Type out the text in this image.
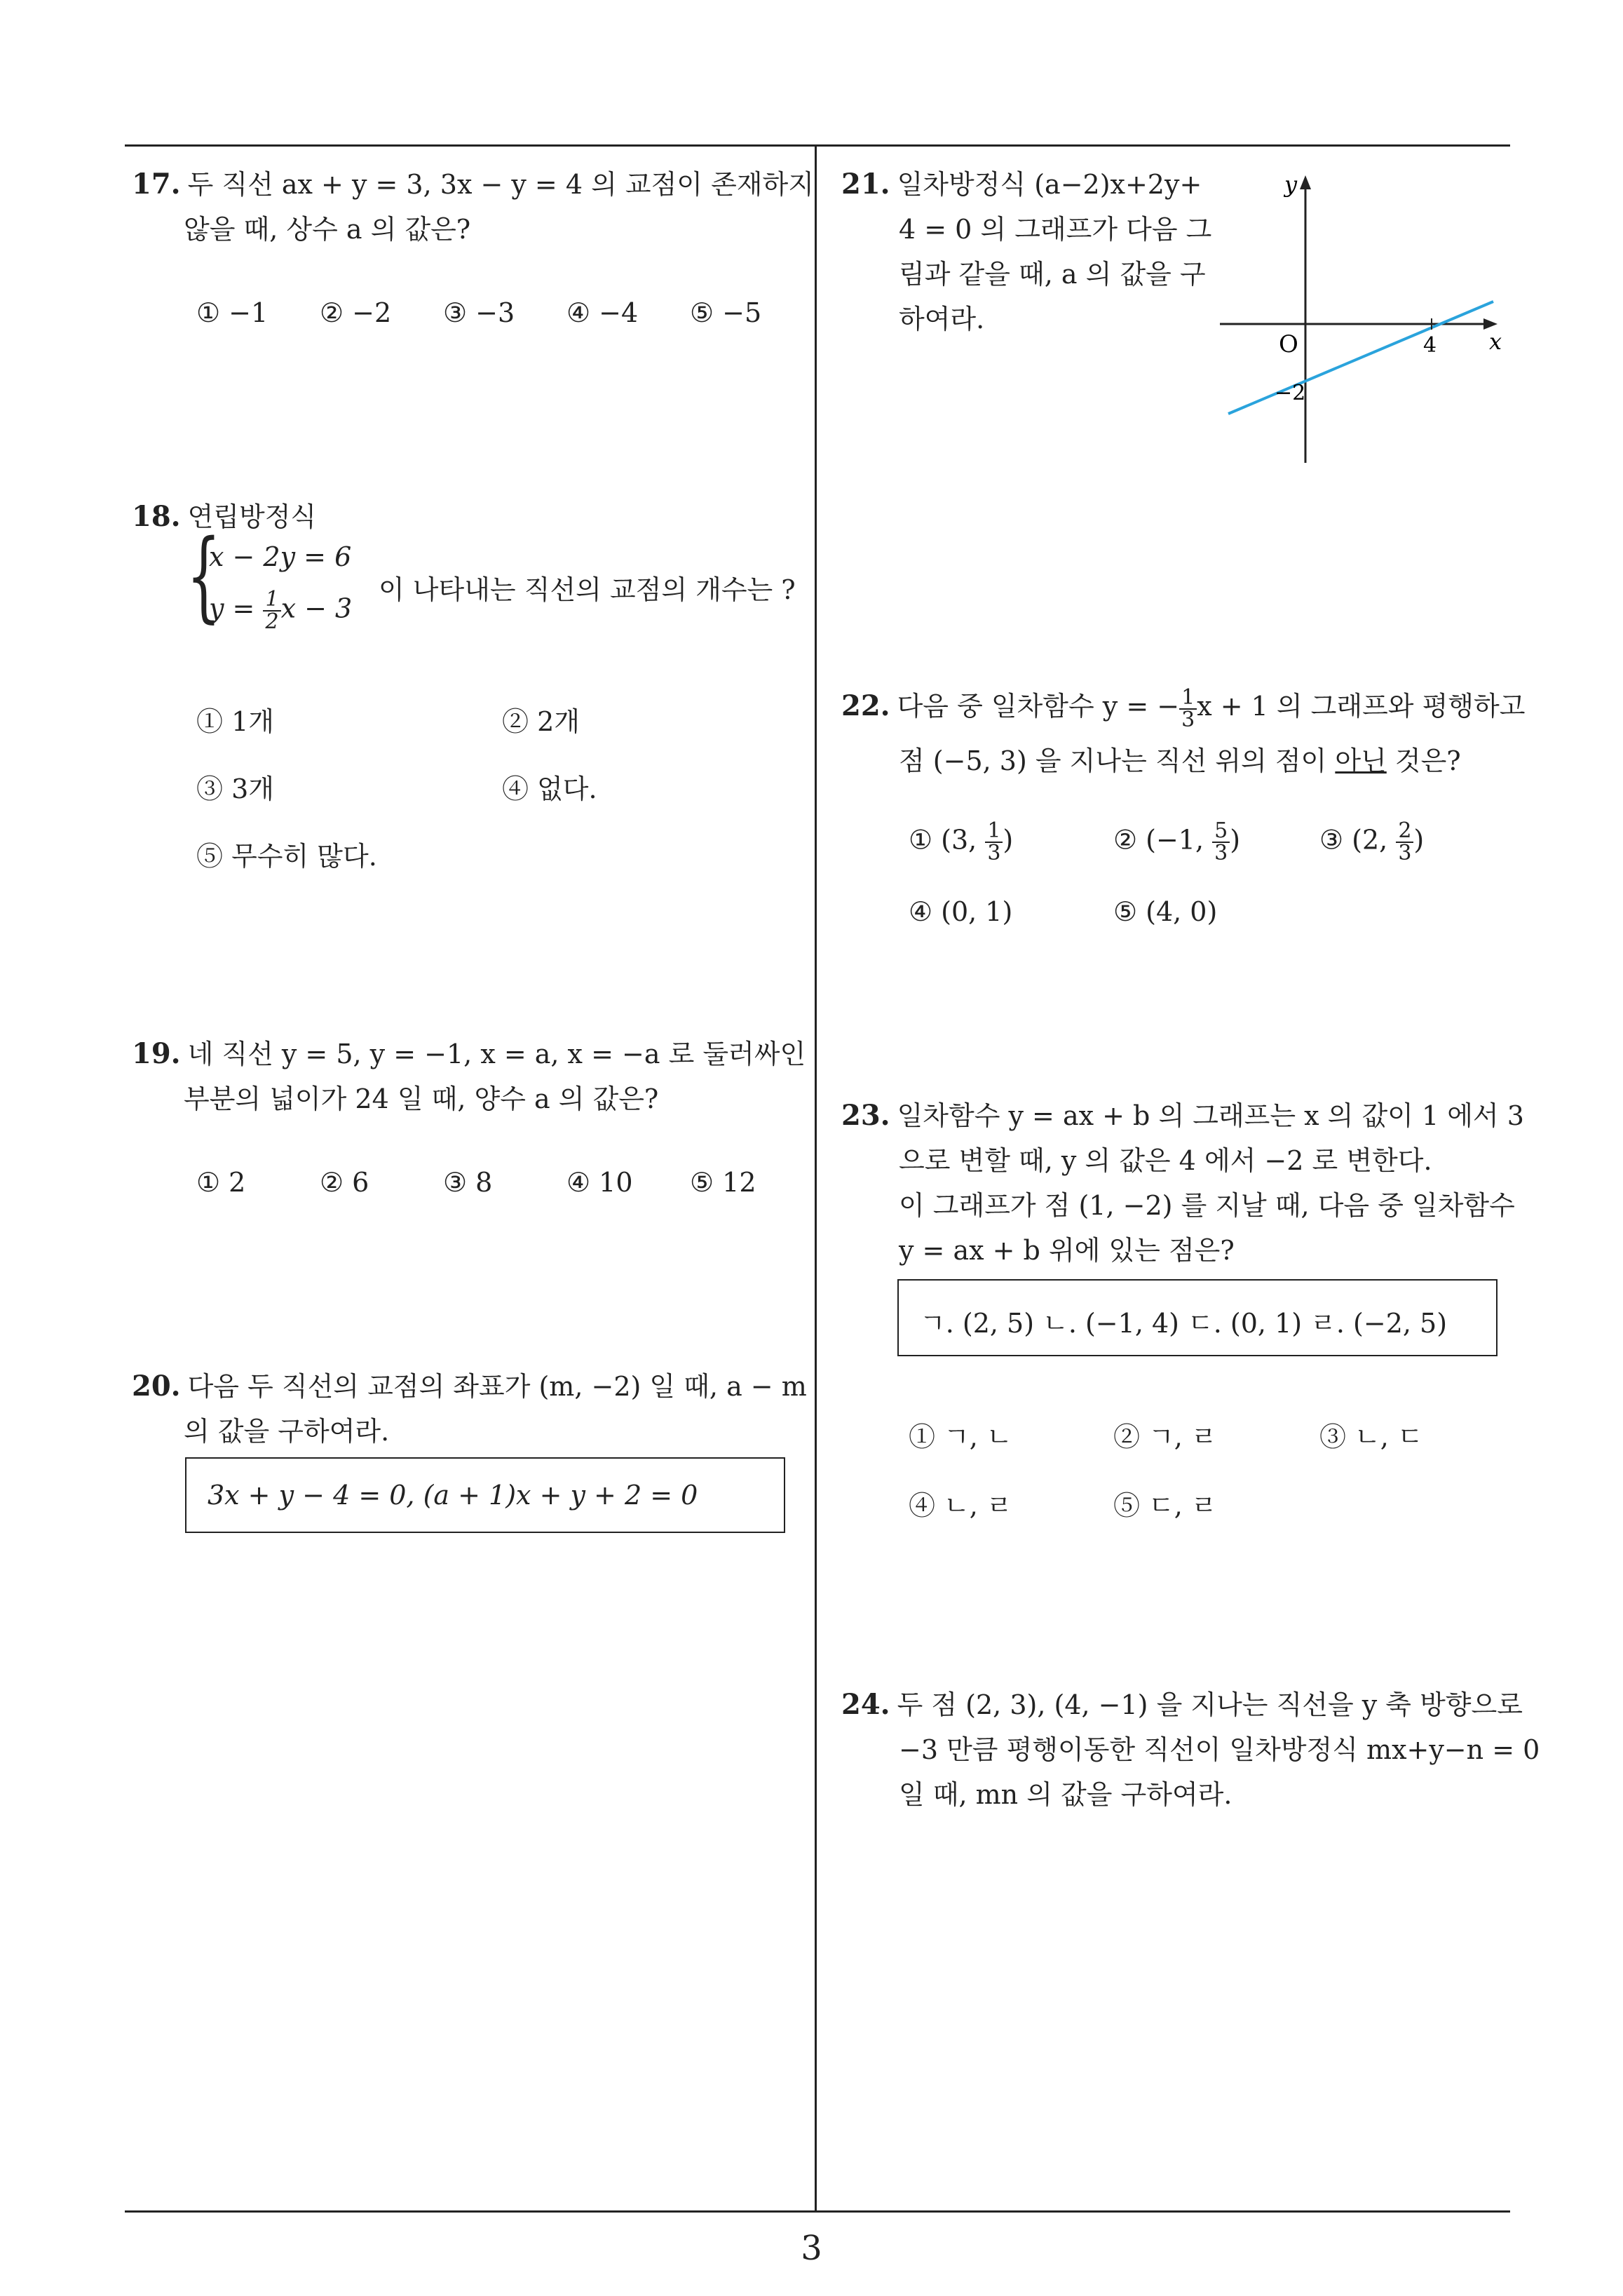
3
17. 두 직선 ax + y = 3, 3x − y = 4 의 교점이 존재하지
않을 때, 상수 a 의 값은?
① −1 ② −2 ③ −3 ④ −4 ⑤ −5
18. 연립방정식
{
x − 2y = 6
$y = \frac{1}{2}$ x − 3
이 나타내는 직선의 교점의 개수는 ?
① 1개	② 2개
③ 3개	④ 없다.
⑤ 무수히 많다.
19. 네 직선 y = 5, y = −1, x = a, x = −a 로 둘러싸인
부분의 넓이가 24 일 때, 양수 a 의 값은?
① 2	② 6	③ 8	④ 10 ⑤ 12
20. 다음 두 직선의 교점의 좌표가 (m, −2) 일 때, a − m
의 값을 구하여라.
3x + y − 4 = 0, (a + 1)x + y + 2 = 0
21. 일차방정식 (a−2)x+2y+
4 = 0 의 그래프가 다음 그
림과 같을 때, a 의 값을 구
하여라.
y
x
O	4
−2
22. 다음 중 일차함수 y = − $\frac{1}{3}$ x + 1 의 그래프와 평행하고
점 (−5, 3) 을 지나는 직선 위의 점이 아닌 것은?
① (3, $\frac{1}{3}$ )	② (−1, $\frac{5}{3}$ )	③ (2, $\frac{2}{3}$ )
④ (0, 1)	⑤ (4, 0)
23. 일차함수 y = ax + b 의 그래프는 x 의 값이 1 에서 3
으로 변할 때, y 의 값은 4 에서 −2 로 변한다.
이 그래프가 점 (1, −2) 를 지날 때, 다음 중 일차함수
y = ax + b 위에 있는 점은?
ㄱ. (2, 5) ㄴ. (−1, 4) ㄷ. (0, 1) ㄹ. (−2, 5)
① ㄱ, ㄴ	② ㄱ, ㄹ	③ ㄴ, ㄷ
④ ㄴ, ㄹ	⑤ ㄷ, ㄹ
24. 두 점 (2, 3), (4, −1) 을 지나는 직선을 y 축 방향으로
−3 만큼 평행이동한 직선이 일차방정식 mx+y−n = 0
일 때, mn 의 값을 구하여라.
